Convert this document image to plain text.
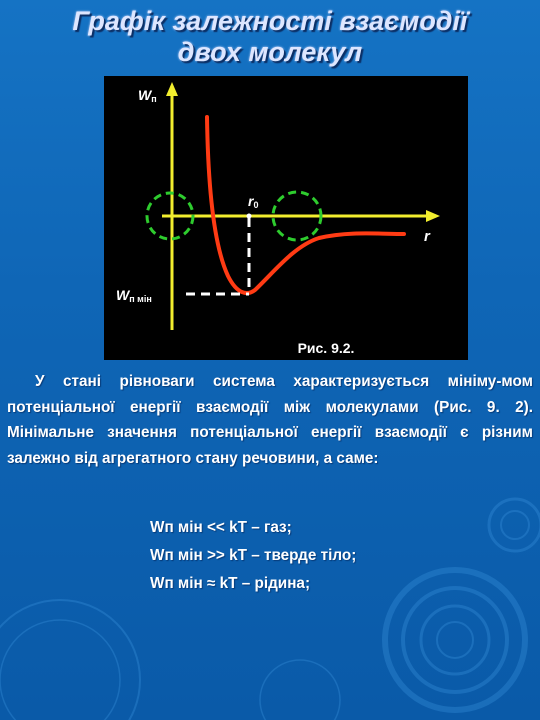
Графік залежності взаємодії
двох молекул
Wп
r
r0
Wп мін
Рис. 9.2.

У стані рівноваги система характеризується мініму-мом потенціальної енергії взаємодії між молекулами (Рис. 9. 2). Мінімальне значення потенціальної енергії взаємодії є різним залежно від агрегатного стану речовини, а саме:

Wп мін << kT – газ;
Wп мін >> kT – тверде тіло;
Wп мін ≈ kT – рідина;
